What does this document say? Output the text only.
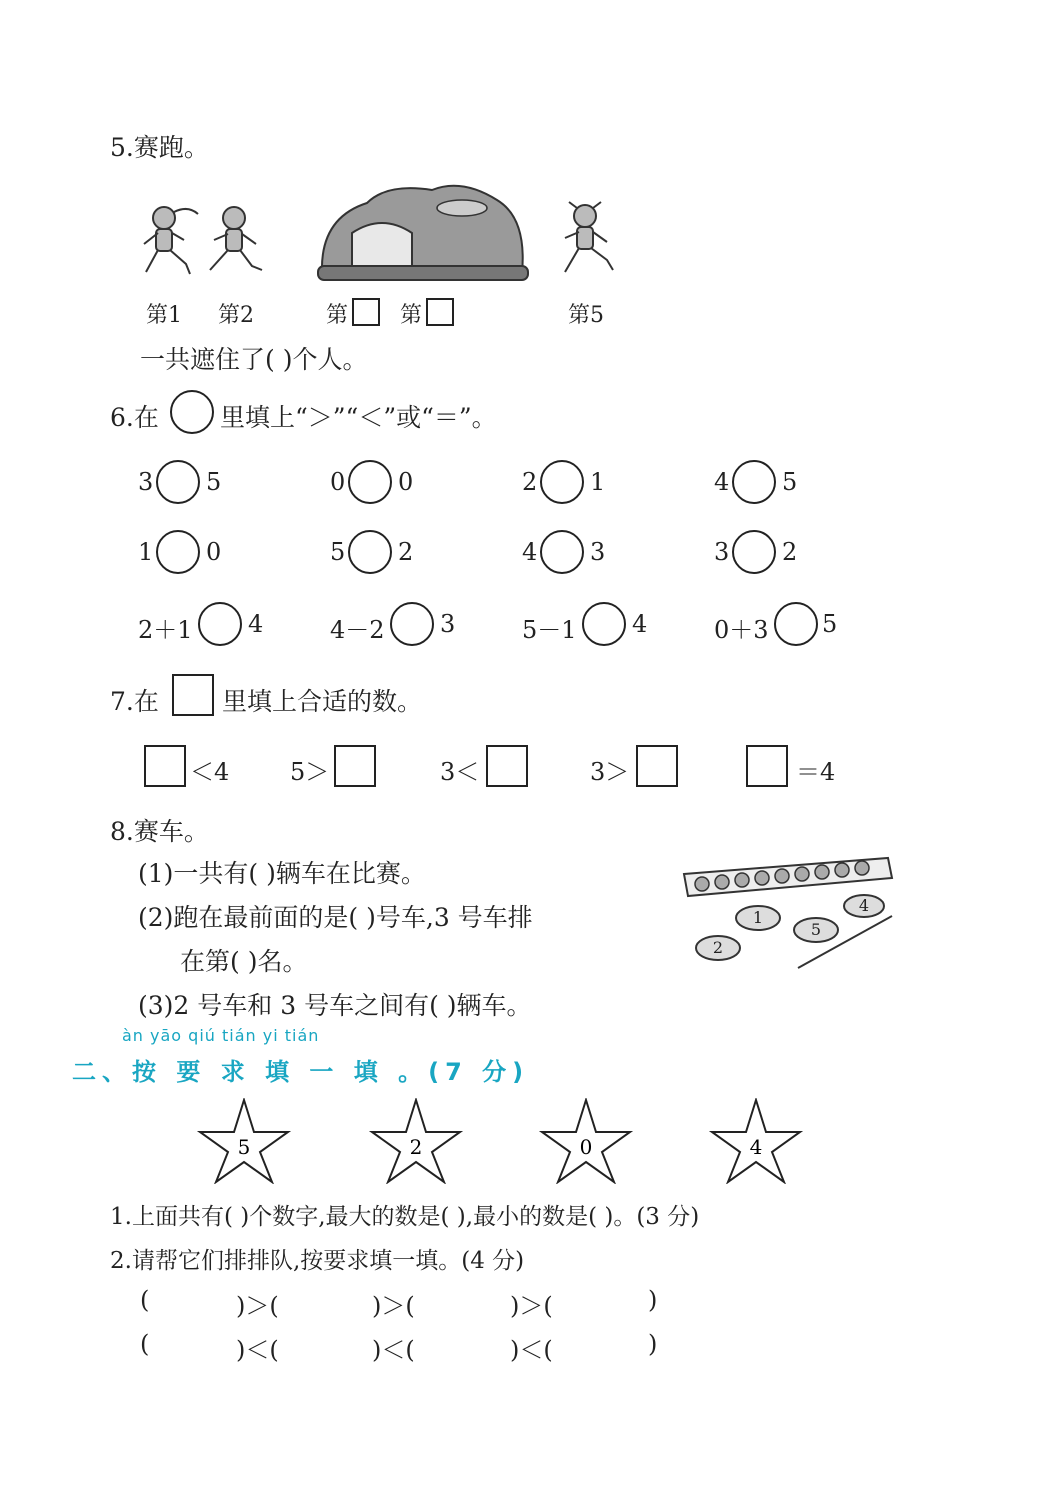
5.赛跑。
第1 第2	第 第	第5
一共遮住了( )个人。
6.在 里填上“＞”“＜”或“＝”。
3 5	0 0	2 1	4 5
1 0	5 2	4 3	3 2
2＋1 4	4－2 3	5－1 4	0＋3 5
7.在	里填上合适的数。
＜4	5＞	3＜	3＞	＝4
8.赛车。
(1)一共有( )辆车在比赛。
(2)跑在最前面的是( )号车,3 号车排
在第( )名。
(3)2 号车和 3 号车之间有( )辆车。
1
2
4
5
àn yāo qiú tián yi tián
二、按 要 求 填 一 填 。(7 分)
5	2	0	4
1.上面共有( )个数字,最大的数是( ),最小的数是( )。(3 分)
2.请帮它们排排队,按要求填一填。(4 分)
(	)＞(	)＞(	)＞(	)
(	)＜(	)＜(	)＜(	)
